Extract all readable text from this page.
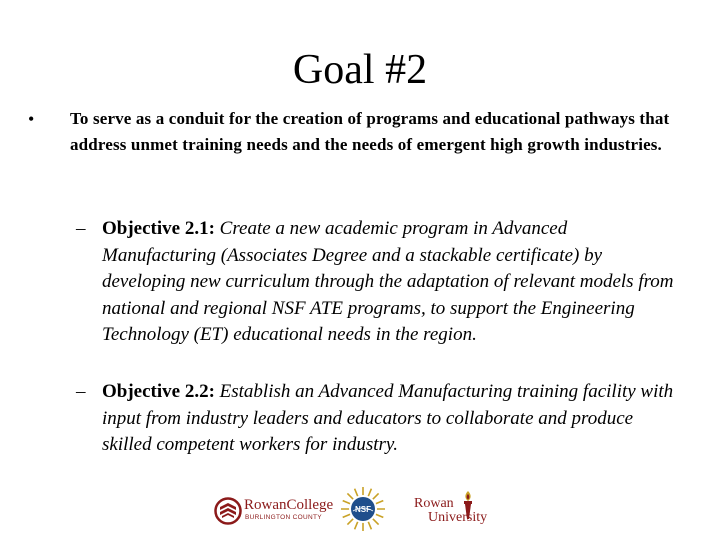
Goal #2
•	To serve as a conduit for the creation of programs and educational pathways that address unmet training needs and the needs of emergent high growth industries.
– Objective 2.1: Create a new academic program in Advanced Manufacturing (Associates Degree and a stackable certificate) by developing new curriculum through the adaptation of relevant models from national and regional NSF ATE programs, to support the Engineering Technology (ET) educational needs in the region.
– Objective 2.2: Establish an Advanced Manufacturing training facility with input from industry leaders and educators to collaborate and produce skilled competent workers for industry.
RowanCollege
BURLINGTON COUNTY
NSF	Rowan
University
